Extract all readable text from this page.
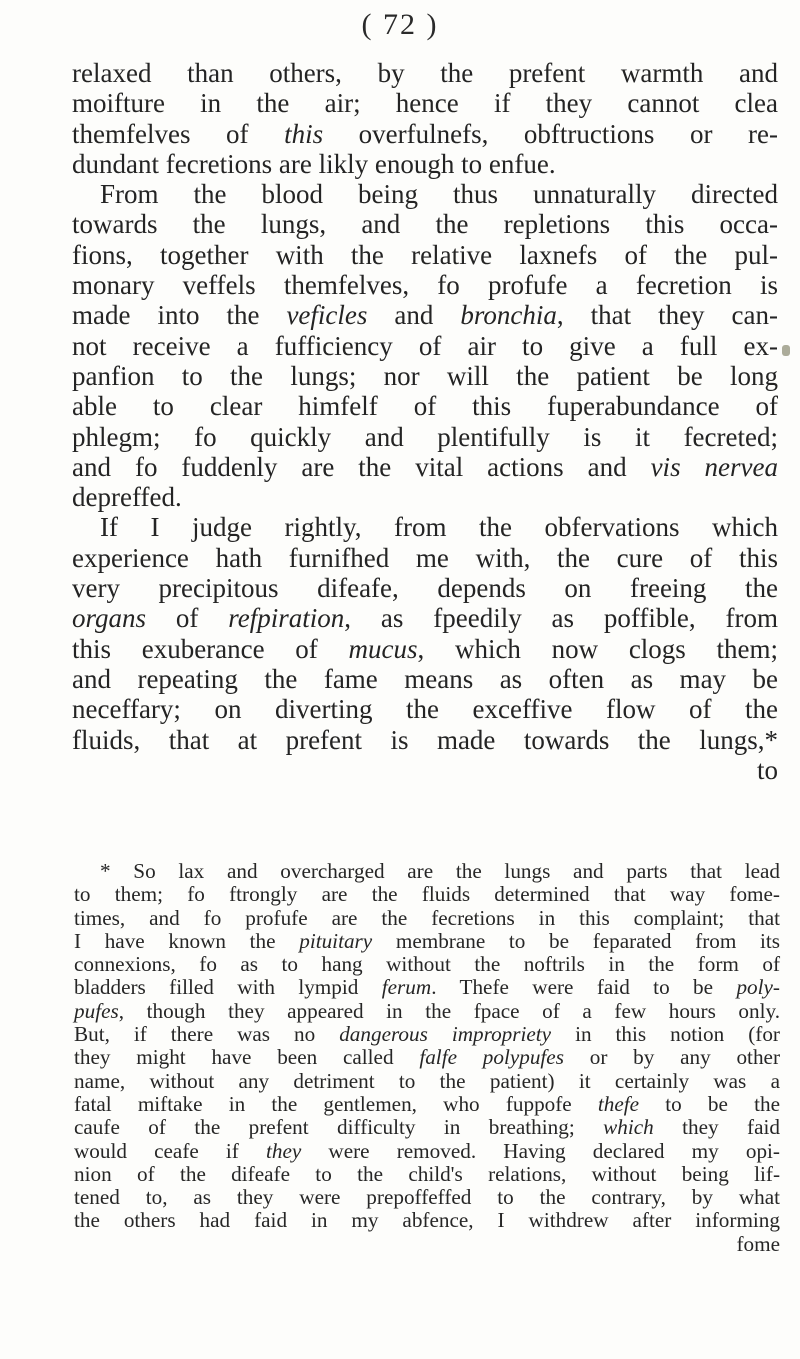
( 72 )
relaxed than others, by the prefent warmth and
moifture in the air; hence if they cannot clea
themfelves of this overfulnefs, obftructions or re-
dundant fecretions are likly enough to enfue.
From the blood being thus unnaturally directed
towards the lungs, and the repletions this occa-
fions, together with the relative laxnefs of the pul-
monary veffels themfelves, fo profufe a fecretion is
made into the veficles and bronchia, that they can-
not receive a fufficiency of air to give a full ex-
panfion to the lungs; nor will the patient be long
able to clear himfelf of this fuperabundance of
phlegm; fo quickly and plentifully is it fecreted;
and fo fuddenly are the vital actions and vis nervea
depreffed.
If I judge rightly, from the obfervations which
experience hath furnifhed me with, the cure of this
very precipitous difeafe, depends on freeing the
organs of refpiration, as fpeedily as poffible, from
this exuberance of mucus, which now clogs them;
and repeating the fame means as often as may be
neceffary; on diverting the exceffive flow of the
fluids, that at prefent is made towards the lungs,*
to
* So lax and overcharged are the lungs and parts that lead
to them; fo ftrongly are the fluids determined that way fome-
times, and fo profufe are the fecretions in this complaint; that
I have known the pituitary membrane to be feparated from its
connexions, fo as to hang without the noftrils in the form of
bladders filled with lympid ferum. Thefe were faid to be poly-
pufes, though they appeared in the fpace of a few hours only.
But, if there was no dangerous impropriety in this notion (for
they might have been called falfe polypufes or by any other
name, without any detriment to the patient) it certainly was a
fatal miftake in the gentlemen, who fuppofe thefe to be the
caufe of the prefent difficulty in breathing; which they faid
would ceafe if they were removed. Having declared my opi-
nion of the difeafe to the child's relations, without being lif-
tened to, as they were prepoffeffed to the contrary, by what
the others had faid in my abfence, I withdrew after informing
fome
